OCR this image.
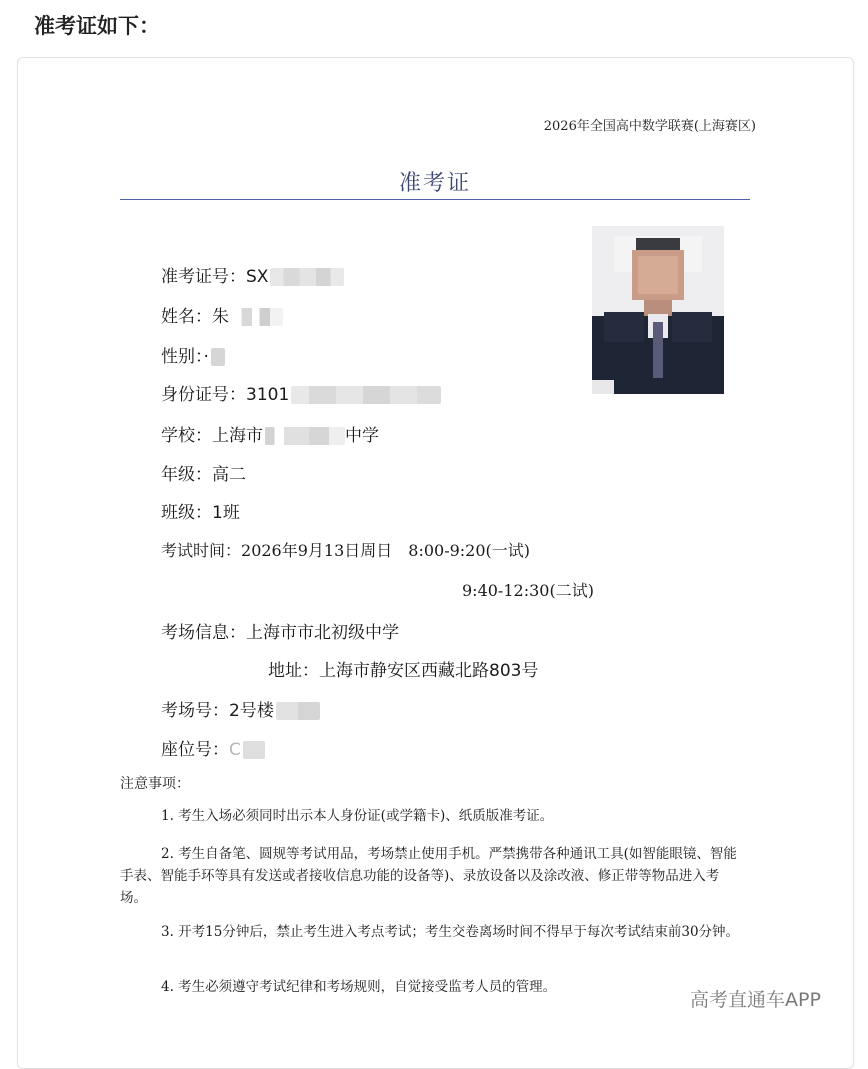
准考证如下：
2026年全国高中数学联赛(上海赛区)
准考证
准考证号：SX
姓名：朱
性别：·
身份证号：3101
学校：上海市	中学
年级：高二
班级：1班
考试时间：2026年9月13日周日　8:00-9:20(一试)
9:40-12:30(二试)
考场信息：上海市市北初级中学
地址：上海市静安区西藏北路803号
考场号：2号楼
座位号：C
注意事项：
1. 考生入场必须同时出示本人身份证(或学籍卡)、纸质版准考证。
2. 考生自备笔、圆规等考试用品，考场禁止使用手机。严禁携带各种通讯工具(如智能眼镜、智能手表、智能手环等具有发送或者接收信息功能的设备等)、录放设备以及涂改液、修正带等物品进入考场。
3. 开考15分钟后，禁止考生进入考点考试；考生交卷离场时间不得早于每次考试结束前30分钟。
4. 考生必须遵守考试纪律和考场规则，自觉接受监考人员的管理。
高考直通车APP
